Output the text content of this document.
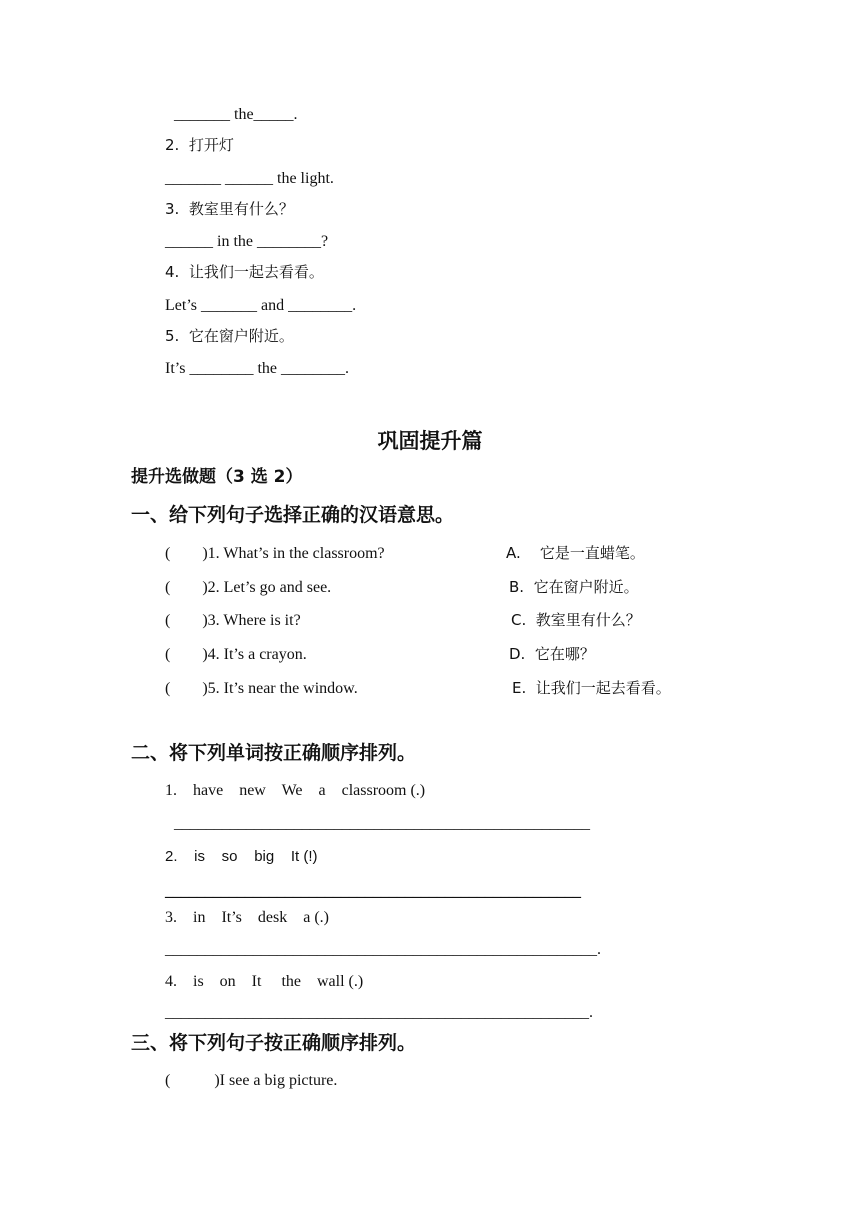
_______ the_____.
2.  打开灯
_______ ______ the light.
3.  教室里有什么？
______ in the ________?
4.  让我们一起去看看。
Let’s _______ and ________.
5.  它在窗户附近。
It’s ________ the ________.
巩固提升篇
提升选做题（3 选 2）
一、给下列句子选择正确的汉语意思。
(        )1. What’s in the classroom?	A.    它是一直蜡笔。
(        )2. Let’s go and see.	B.  它在窗户附近。
(        )3. Where is it?	C.  教室里有什么？
(        )4. It’s a crayon.	D.  它在哪？
(        )5. It’s near the window.	E.  让我们一起去看看。
二、将下列单词按正确顺序排列。
1.    have    new    We    a    classroom (.)
____________________________________________________
2.    is    so    big    It (!)
____________________________________________________
3.    in    It’s    desk    a (.)
______________________________________________________.
4.    is    on    It     the    wall (.)
_____________________________________________________.
三、将下列句子按正确顺序排列。
(           )I see a big picture.
